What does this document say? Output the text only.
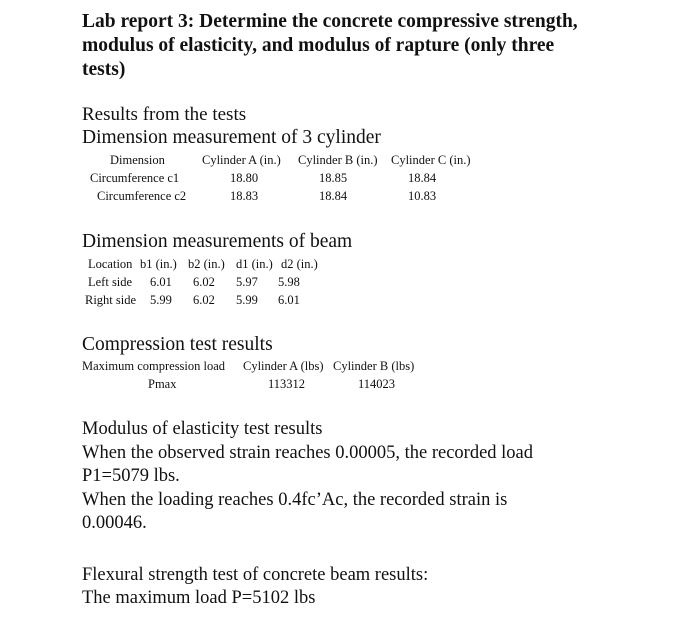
Lab report 3: Determine the concrete compressive strength,
modulus of elasticity, and modulus of rapture (only three
tests)
Results from the tests
Dimension measurement of 3 cylinder
Dimension	Cylinder A (in.) Cylinder B (in.) Cylinder C (in.)
Circumference c1	18.80	18.85	18.84
Circumference c2	18.83	18.84	10.83
Dimension measurements of beam
Location b1 (in.) b2 (in.) d1 (in.) d2 (in.)
Left side 6.01 6.02 5.97 5.98
Right side 5.99 6.02 5.99 6.01
Compression test results
Maximum compression load Cylinder A (lbs) Cylinder B (lbs)
Pmax	113312	114023
Modulus of elasticity test results
When the observed strain reaches 0.00005, the recorded load
P1=5079 lbs.
When the loading reaches 0.4fc’Ac, the recorded strain is
0.00046.
Flexural strength test of concrete beam results:
The maximum load P=5102 lbs
